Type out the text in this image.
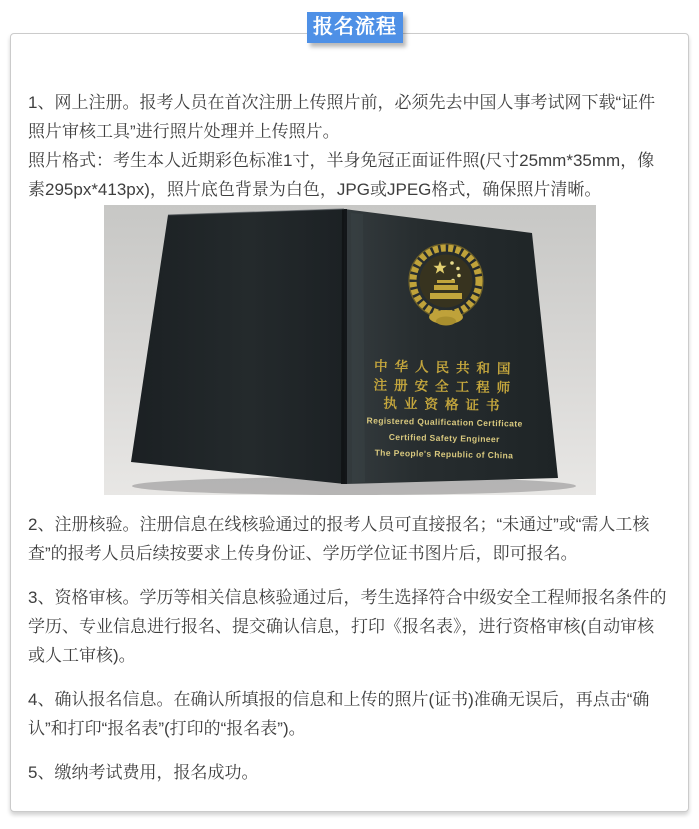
报名流程

1、网上注册。报考人员在首次注册上传照片前，必须先去中国人事考试网下载“证件照片审核工具”进行照片处理并上传照片。

照片格式：考生本人近期彩色标准1寸，半身免冠正面证件照(尺寸25mm*35mm，像素295px*413px)，照片底色背景为白色，JPG或JPEG格式，确保照片清晰。

中华人民共和国
注册安全工程师
执业资格证书
Registered Qualification Certificate
Certified Safety Engineer
The People's Republic of China

2、注册核验。注册信息在线核验通过的报考人员可直接报名；“未通过”或“需人工核查”的报考人员后续按要求上传身份证、学历学位证书图片后，即可报名。

3、资格审核。学历等相关信息核验通过后，考生选择符合中级安全工程师报名条件的学历、专业信息进行报名、提交确认信息，打印《报名表》，进行资格审核(自动审核或人工审核)。

4、确认报名信息。在确认所填报的信息和上传的照片(证书)准确无误后，再点击“确认”和打印“报名表”(打印的“报名表”)。

5、缴纳考试费用，报名成功。
